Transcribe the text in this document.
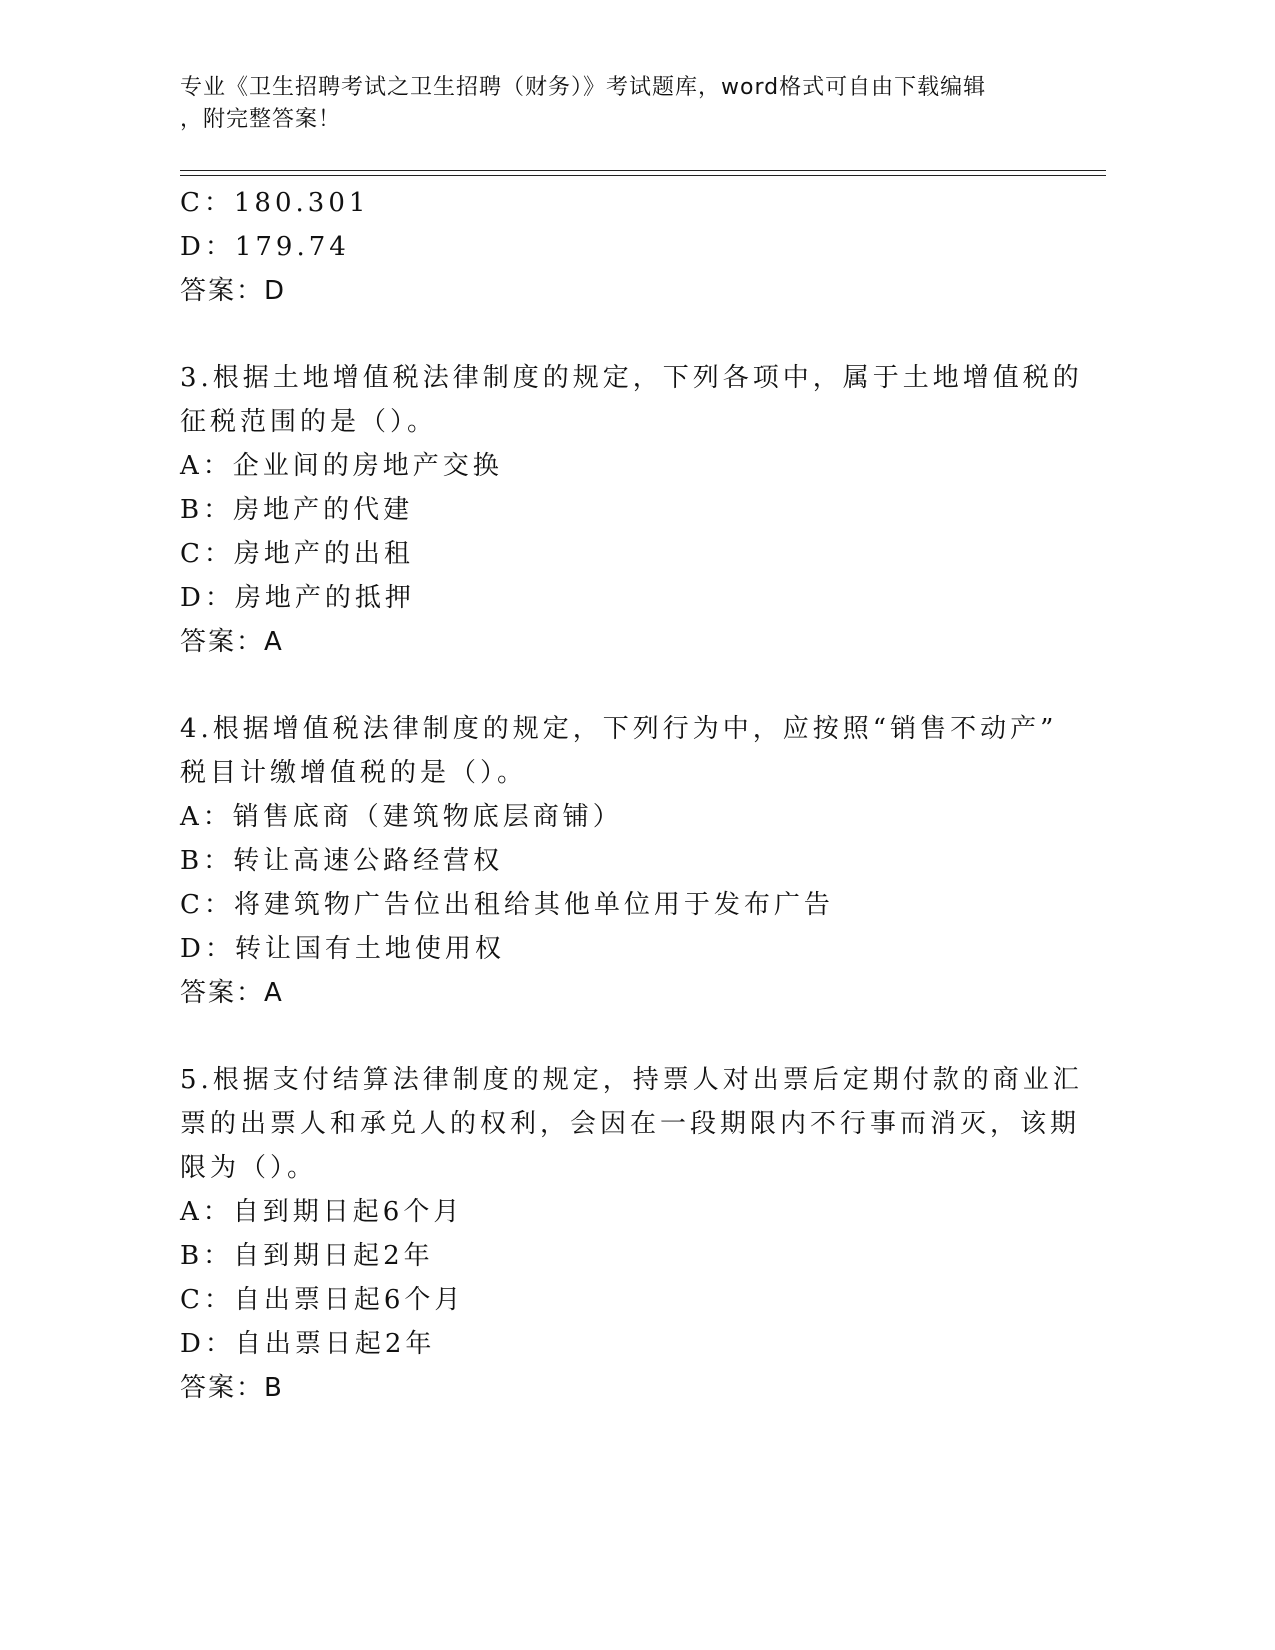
专业《卫生招聘考试之卫生招聘（财务）》考试题库，word格式可自由下载编辑
，附完整答案！
C：180.301
D：179.74
答案：D
3.根据土地增值税法律制度的规定，下列各项中，属于土地增值税的
征税范围的是（）。
A：企业间的房地产交换
B：房地产的代建
C：房地产的出租
D：房地产的抵押
答案：A
4.根据增值税法律制度的规定，下列行为中，应按照“销售不动产”
税目计缴增值税的是（）。
A：销售底商（建筑物底层商铺）
B：转让高速公路经营权
C：将建筑物广告位出租给其他单位用于发布广告
D：转让国有土地使用权
答案：A
5.根据支付结算法律制度的规定，持票人对出票后定期付款的商业汇
票的出票人和承兑人的权利，会因在一段期限内不行事而消灭，该期
限为（）。
A：自到期日起6个月
B：自到期日起2年
C：自出票日起6个月
D：自出票日起2年
答案：B
